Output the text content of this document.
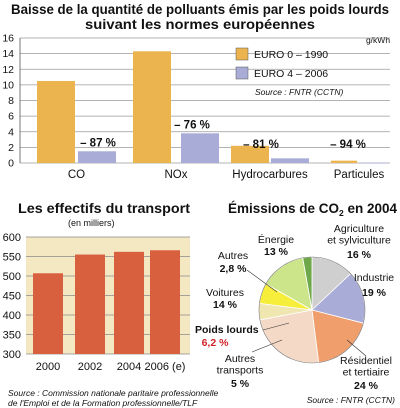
Baisse de la quantité de polluants émis par les poids lourds
suivant les normes européennes
g/kWh
0
2
4
6
8
10
12
14
16
– 87 %
– 76 %
– 81 %	– 94 %
CO	NOx	Hydrocarbures Particules
EURO 0 – 1990
EURO 4 – 2006
Source : FNTR (CCTN)
Les effectifs du transport
(en milliers)
300
350
400
450
500
550
600
2000 2002 2004 2006 (e)
Émissions de $CO_2$ en 2004
Énergie
13 %
Agriculture et sylviculture
16 %
Industrie
19 %
Résidentiel et tertiaire
24 %
Autres transports
5 %
Poids lourds
6,2 %
Voitures
14 %
Autres
2,8 %
Source : FNTR (CCTN)
Source : Commission nationale paritaire professionnelle
de l'Emploi et de la Formation professionnelle/TLF
